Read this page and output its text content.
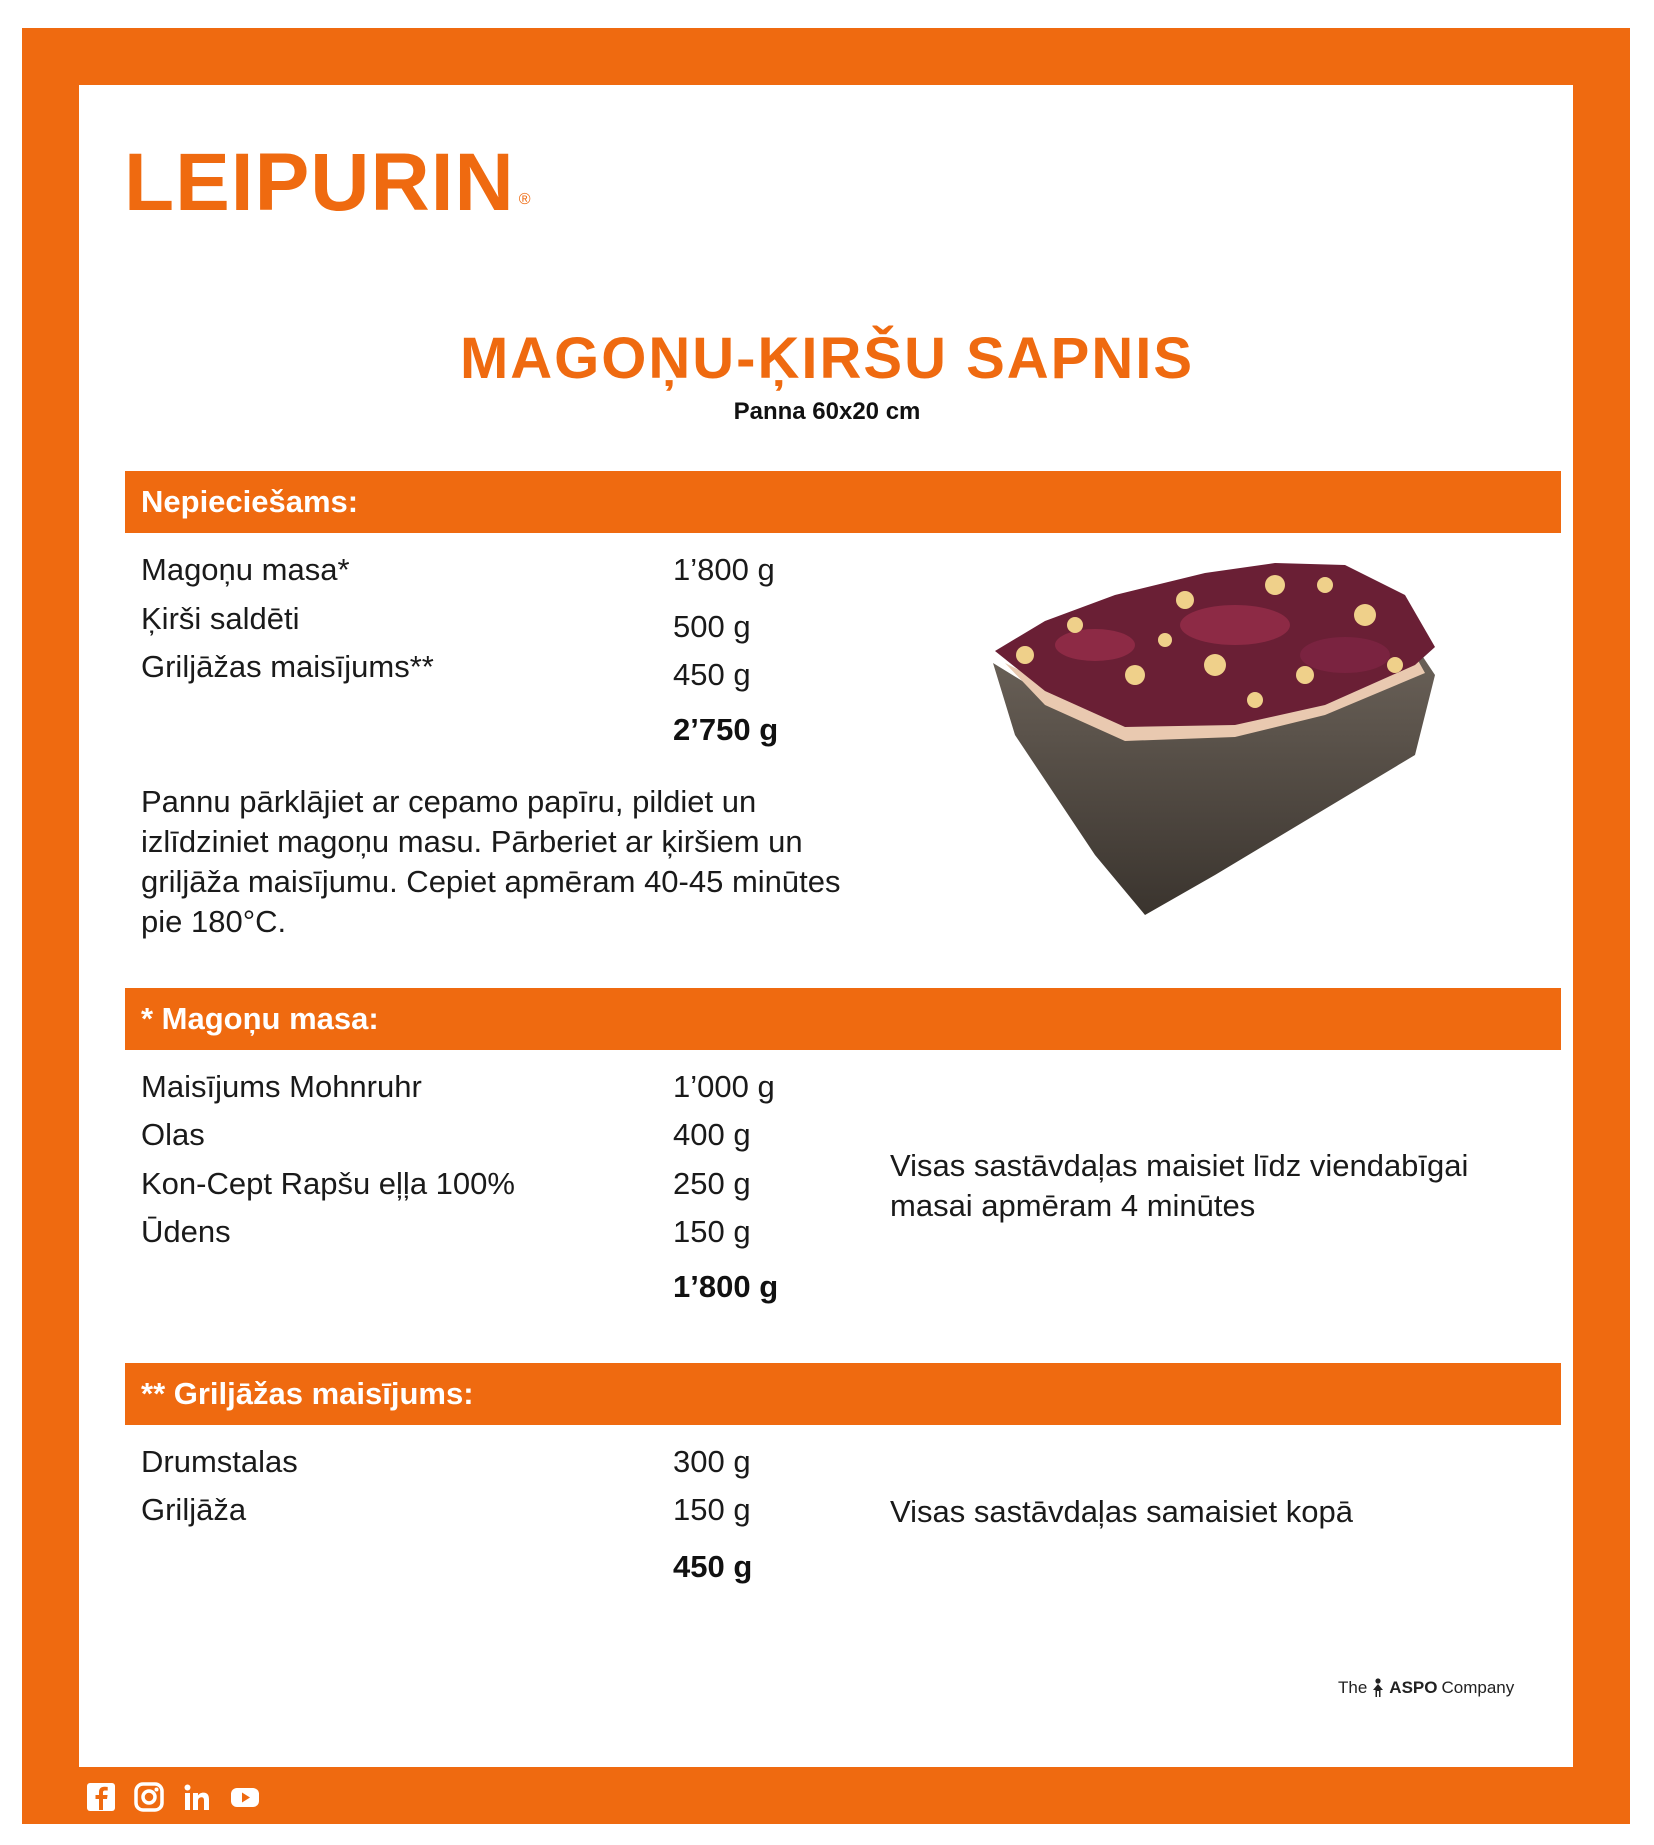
LEIPURIN ®
MAGOŅU-ĶIRŠU SAPNIS
Panna 60x20 cm
Nepieciešams:
Magoņu masa*	1’800 g
Ķirši saldēti	500 g
Griljāžas maisījums**	450 g
2’750 g
Pannu pārklājiet ar cepamo papīru, pildiet un izlīdziniet magoņu masu. Pārberiet ar ķiršiem un griljāža maisījumu. Cepiet apmēram 40-45 minūtes pie 180°C.
* Magoņu masa:
Maisījums Mohnruhr	1’000 g
Olas	400 g
Kon-Cept Rapšu eļļa 100%	250 g
Ūdens	150 g
1’800 g
Visas sastāvdaļas maisiet līdz viendabīgai masai apmēram 4 minūtes
** Griljāžas maisījums:
Drumstalas	300 g
Griljāža	150 g
450 g
Visas sastāvdaļas samaisiet kopā
The ASPO Company
